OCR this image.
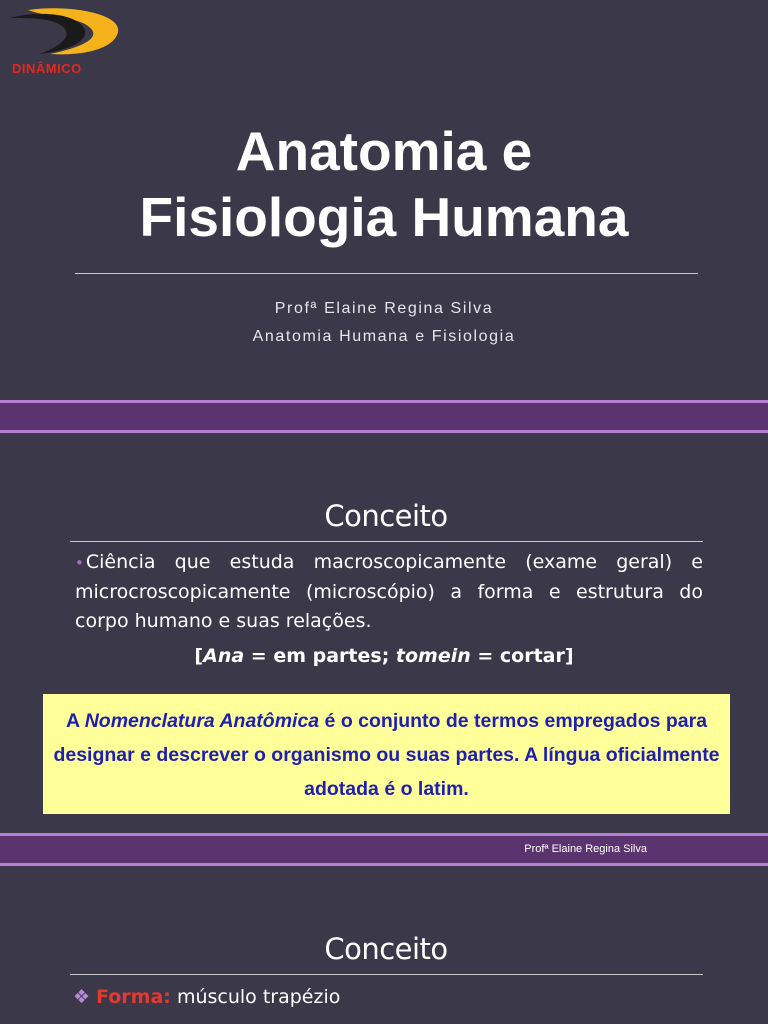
DINÂMICO
Anatomia e
Fisiologia Humana
Profª Elaine Regina Silva
Anatomia Humana e Fisiologia
Conceito
• Ciência que estuda macroscopicamente (exame geral) e microcroscopicamente (microscópio) a forma e estrutura do corpo humano e suas relações.
[Ana = em partes; tomein = cortar]
A Nomenclatura Anatômica é o conjunto de termos empregados para designar e descrever o organismo ou suas partes. A língua oficialmente adotada é o latim.
Profª Elaine Regina Silva
Conceito
❖ Forma: músculo trapézio
